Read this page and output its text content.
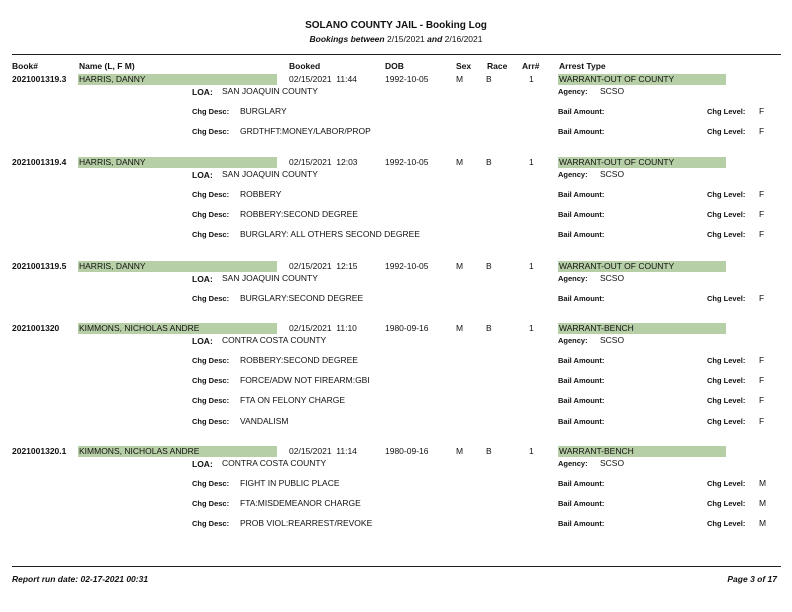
SOLANO COUNTY JAIL - Booking Log
Bookings between 2/15/2021 and 2/16/2021
Book#	Name (L, F M)	Booked	DOB	Sex Race Arr# Arrest Type
2021001319.3 HARRIS, DANNY	02/15/2021  11:44	1992-10-05	M	B	1	WARRANT-OUT OF COUNTY
LOA: SAN JOAQUIN COUNTY	Agency: SCSO
Chg Desc: BURGLARY	Bail Amount:	Chg Level: F
Chg Desc: GRDTHFT:MONEY/LABOR/PROP	Bail Amount:	Chg Level: F
2021001319.4 HARRIS, DANNY	02/15/2021  12:03	1992-10-05	M	B	1	WARRANT-OUT OF COUNTY
LOA: SAN JOAQUIN COUNTY	Agency: SCSO
Chg Desc: ROBBERY	Bail Amount:	Chg Level: F
Chg Desc: ROBBERY:SECOND DEGREE	Bail Amount:	Chg Level: F
Chg Desc: BURGLARY: ALL OTHERS SECOND DEGREE	Bail Amount:	Chg Level: F
2021001319.5 HARRIS, DANNY	02/15/2021  12:15	1992-10-05	M	B	1	WARRANT-OUT OF COUNTY
LOA: SAN JOAQUIN COUNTY	Agency: SCSO
Chg Desc: BURGLARY:SECOND DEGREE	Bail Amount:	Chg Level: F
2021001320 KIMMONS, NICHOLAS ANDRE	02/15/2021  11:10	1980-09-16	M	B	1	WARRANT-BENCH
LOA: CONTRA COSTA COUNTY	Agency: SCSO
Chg Desc: ROBBERY:SECOND DEGREE	Bail Amount:	Chg Level: F
Chg Desc: FORCE/ADW NOT FIREARM:GBI	Bail Amount:	Chg Level: F
Chg Desc: FTA ON FELONY CHARGE	Bail Amount:	Chg Level: F
Chg Desc: VANDALISM	Bail Amount:	Chg Level: F
2021001320.1 KIMMONS, NICHOLAS ANDRE	02/15/2021  11:14	1980-09-16	M	B	1	WARRANT-BENCH
LOA: CONTRA COSTA COUNTY	Agency: SCSO
Chg Desc: FIGHT IN PUBLIC PLACE	Bail Amount:	Chg Level: M
Chg Desc: FTA:MISDEMEANOR CHARGE	Bail Amount:	Chg Level: M
Chg Desc: PROB VIOL:REARREST/REVOKE	Bail Amount:	Chg Level: M
Report run date: 02-17-2021 00:31	Page 3 of 17
